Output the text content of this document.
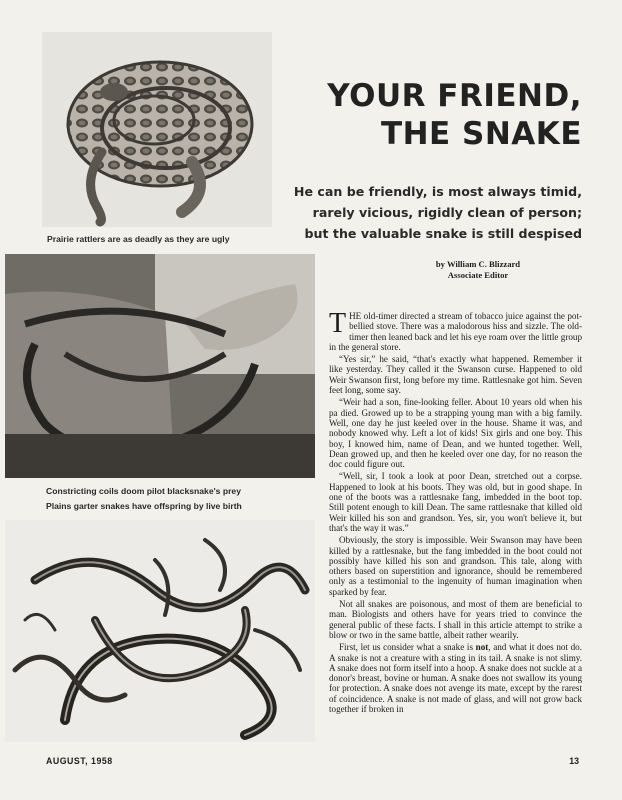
Prairie rattlers are as deadly as they are ugly
YOUR FRIEND,
THE SNAKE
He can be friendly, is most always timid,
rarely vicious, rigidly clean of person;
but the valuable snake is still despised
Constricting coils doom pilot blacksnake's prey
Plains garter snakes have offspring by live birth
by William C. Blizzard
Associate Editor

THE old-timer directed a stream of tobacco juice against the pot-bellied stove. There was a malodorous hiss and sizzle. The old-timer then leaned back and let his eye roam over the little group in the general store.

“Yes sir,” he said, “that's exactly what happened. Remember it like yesterday. They called it the Swanson curse. Happened to old Weir Swanson first, long before my time. Rattlesnake got him. Seven feet long, some say.

“Weir had a son, fine-looking feller. About 10 years old when his pa died. Growed up to be a strapping young man with a big family. Well, one day he just keeled over in the house. Shame it was, and nobody knowed why. Left a lot of kids! Six girls and one boy. This boy, I knowed him, name of Dean, and we hunted together. Well, Dean growed up, and then he keeled over one day, for no reason the doc could figure out.

“Well, sir, I took a look at poor Dean, stretched out a corpse. Happened to look at his boots. They was old, but in good shape. In one of the boots was a rattlesnake fang, imbedded in the boot top. Still potent enough to kill Dean. The same rattlesnake that killed old Weir killed his son and grandson. Yes, sir, you won't believe it, but that's the way it was.”

Obviously, the story is impossible. Weir Swanson may have been killed by a rattlesnake, but the fang imbedded in the boot could not possibly have killed his son and grandson. This tale, along with others based on superstition and ignorance, should be remembered only as a testimonial to the ingenuity of human imagination when sparked by fear.

Not all snakes are poisonous, and most of them are beneficial to man. Biologists and others have for years tried to convince the general public of these facts. I shall in this article attempt to strike a blow or two in the same battle, albeit rather wearily.

First, let us consider what a snake is not, and what it does not do. A snake is not a creature with a sting in its tail. A snake is not slimy. A snake does not form itself into a hoop. A snake does not suckle at a donor's breast, bovine or human. A snake does not swallow its young for protection. A snake does not avenge its mate, except by the rarest of coincidence. A snake is not made of glass, and will not grow back together if broken in

AUGUST, 1958	13
